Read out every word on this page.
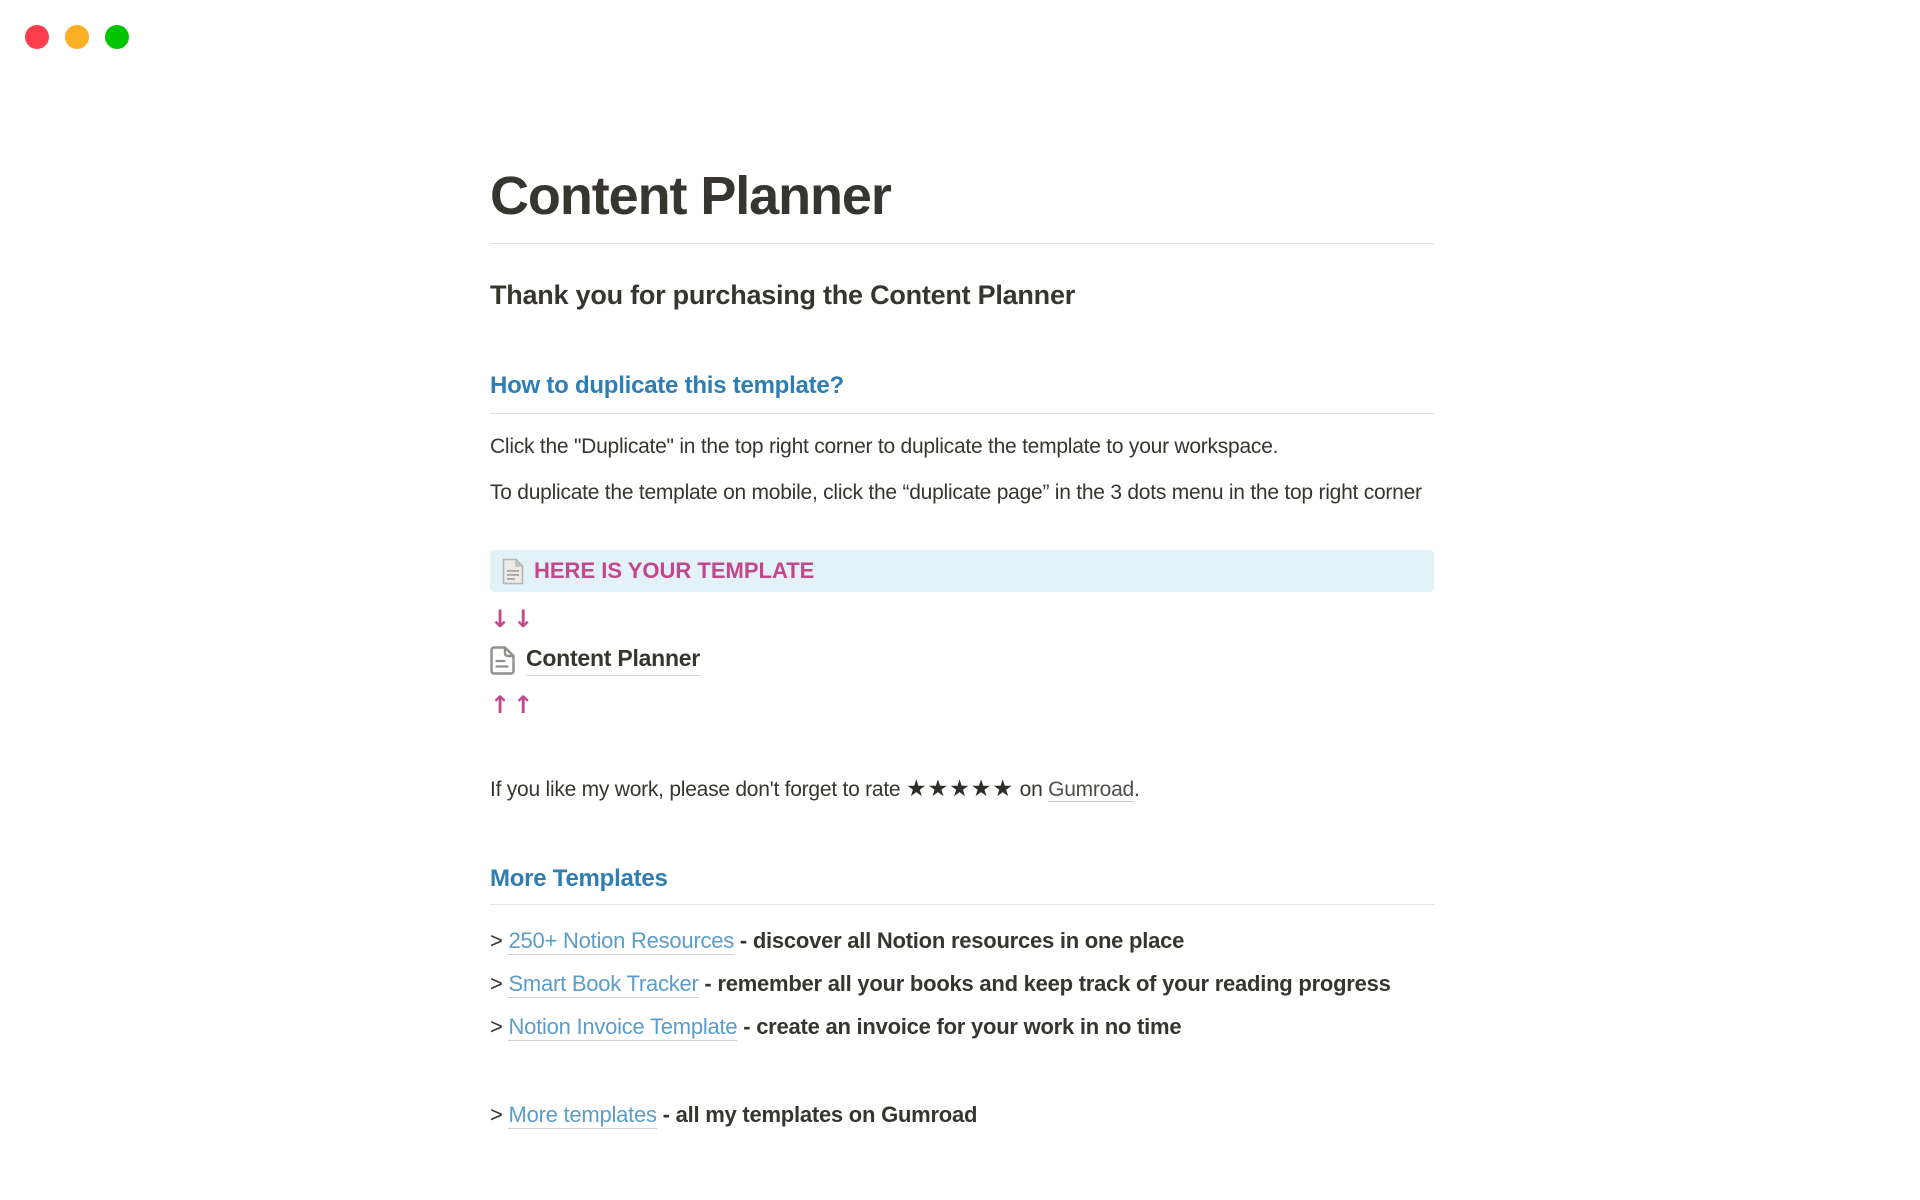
Content Planner
Thank you for purchasing the Content Planner
How to duplicate this template?

Click the "Duplicate" in the top right corner to duplicate the template to your workspace.

To duplicate the template on mobile, click the “duplicate page” in the 3 dots menu in the top right corner

HERE IS YOUR TEMPLATE
↓↓
Content Planner
↑↑

If you like my work, please don't forget to rate ★★★★★ on Gumroad.

More Templates
> 250+ Notion Resources - discover all Notion resources in one place
> Smart Book Tracker - remember all your books and keep track of your reading progress
> Notion Invoice Template - create an invoice for your work in no time
> More templates - all my templates on Gumroad
